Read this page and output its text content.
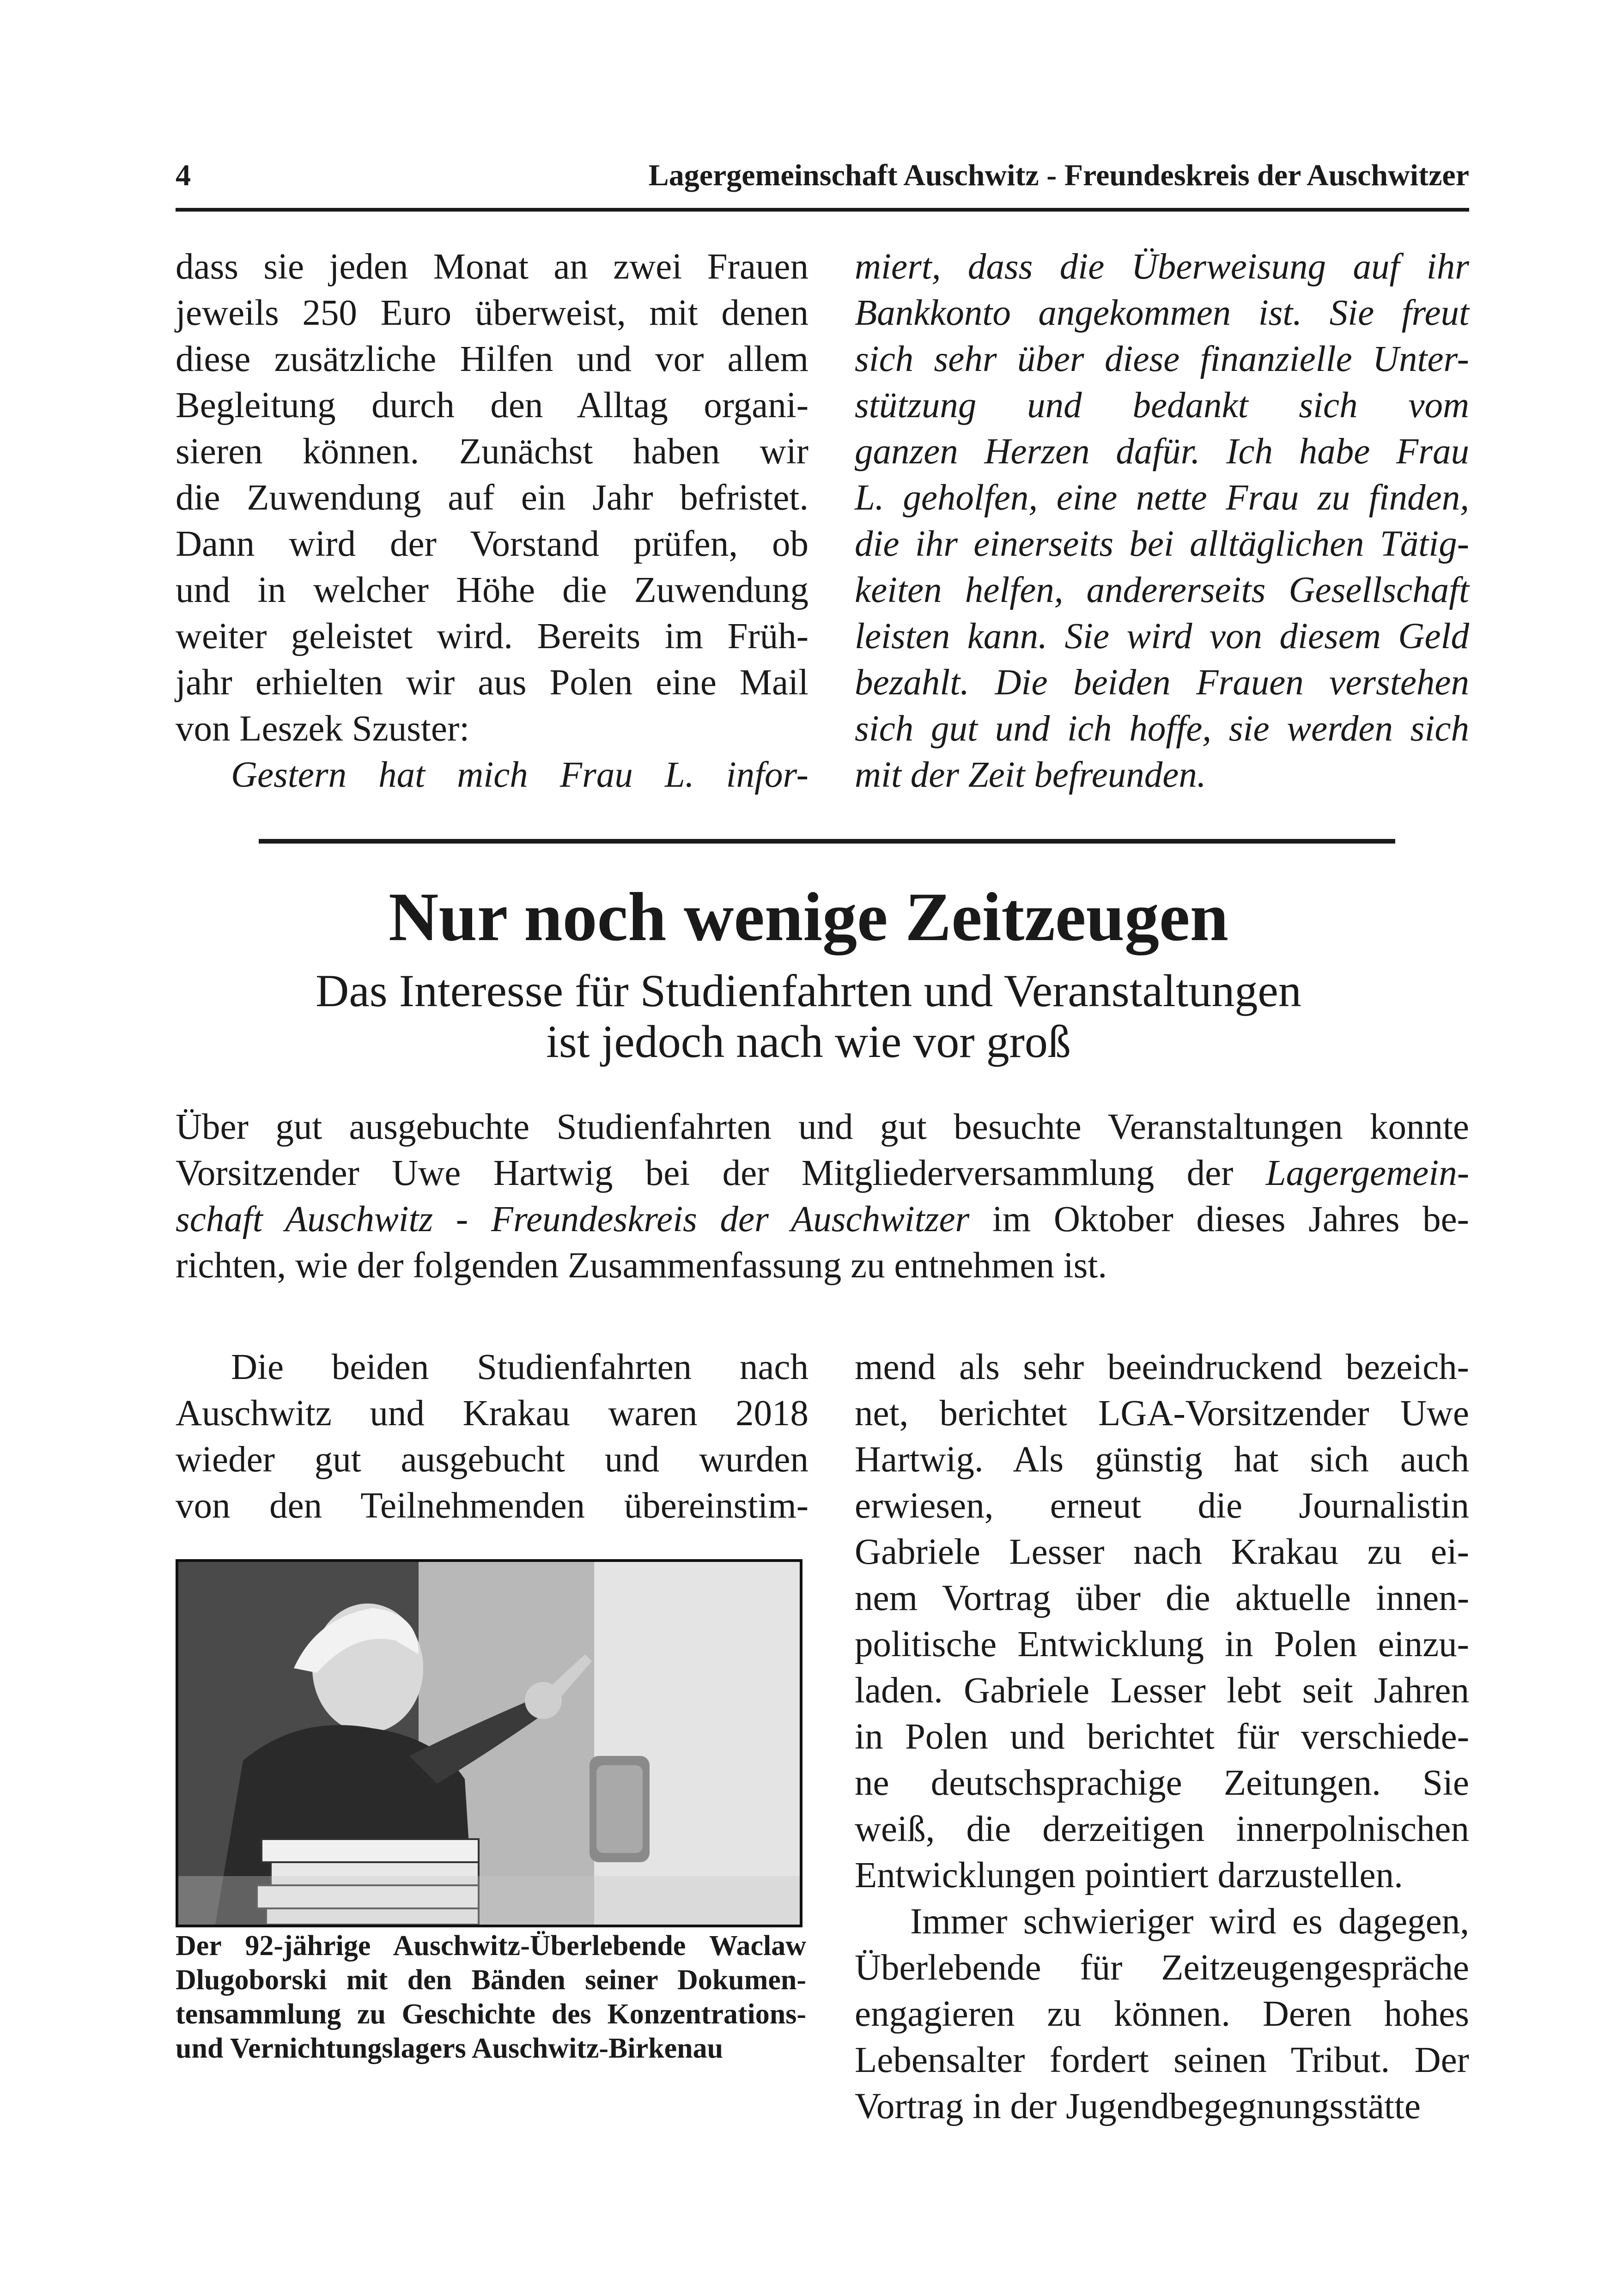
4	Lagergemeinschaft Auschwitz - Freundeskreis der Auschwitzer

dass sie jeden Monat an zwei Frauen

jeweils 250 Euro überweist, mit denen

diese zusätzliche Hilfen und vor allem

Begleitung durch den Alltag organi-

sieren können. Zunächst haben wir

die Zuwendung auf ein Jahr befristet.

Dann wird der Vorstand prüfen, ob

und in welcher Höhe die Zuwendung

weiter geleistet wird. Bereits im Früh-

jahr erhielten wir aus Polen eine Mail

von Leszek Szuster:

Gestern hat mich Frau L. infor-

miert, dass die Überweisung auf ihr

Bankkonto angekommen ist. Sie freut

sich sehr über diese finanzielle Unter-

stützung und bedankt sich vom

ganzen Herzen dafür. Ich habe Frau

L. geholfen, eine nette Frau zu finden,

die ihr einerseits bei alltäglichen Tätig-

keiten helfen, andererseits Gesellschaft

leisten kann. Sie wird von diesem Geld

bezahlt. Die beiden Frauen verstehen

sich gut und ich hoffe, sie werden sich

mit der Zeit befreunden.

Nur noch wenige Zeitzeugen
Das Interesse für Studienfahrten und Veranstaltungen
ist jedoch nach wie vor groß
Über gut ausgebuchte Studienfahrten und gut besuchte Veranstaltungen konnte
Vorsitzender Uwe Hartwig bei der Mitgliederversammlung der Lagergemein-
schaft Auschwitz - Freundeskreis der Auschwitzer im Oktober dieses Jahres be-
richten, wie der folgenden Zusammenfassung zu entnehmen ist.

Die beiden Studienfahrten nach

Auschwitz und Krakau waren 2018

wieder gut ausgebucht und wurden

von den Teilnehmenden übereinstim-

Der 92-jährige Auschwitz-Überlebende Waclaw
Dlugoborski mit den Bänden seiner Dokumen-
tensammlung zu Geschichte des Konzentrations-
und Vernichtungslagers Auschwitz-Birkenau

mend als sehr beeindruckend bezeich-

net, berichtet LGA-Vorsitzender Uwe

Hartwig. Als günstig hat sich auch

erwiesen, erneut die Journalistin

Gabriele Lesser nach Krakau zu ei-

nem Vortrag über die aktuelle innen-

politische Entwicklung in Polen einzu-

laden. Gabriele Lesser lebt seit Jahren

in Polen und berichtet für verschiede-

ne deutschsprachige Zeitungen. Sie

weiß, die derzeitigen innerpolnischen

Entwicklungen pointiert darzustellen.

Immer schwieriger wird es dagegen,

Überlebende für Zeitzeugengespräche

engagieren zu können. Deren hohes

Lebensalter fordert seinen Tribut. Der

Vortrag in der Jugendbegegnungsstätte
